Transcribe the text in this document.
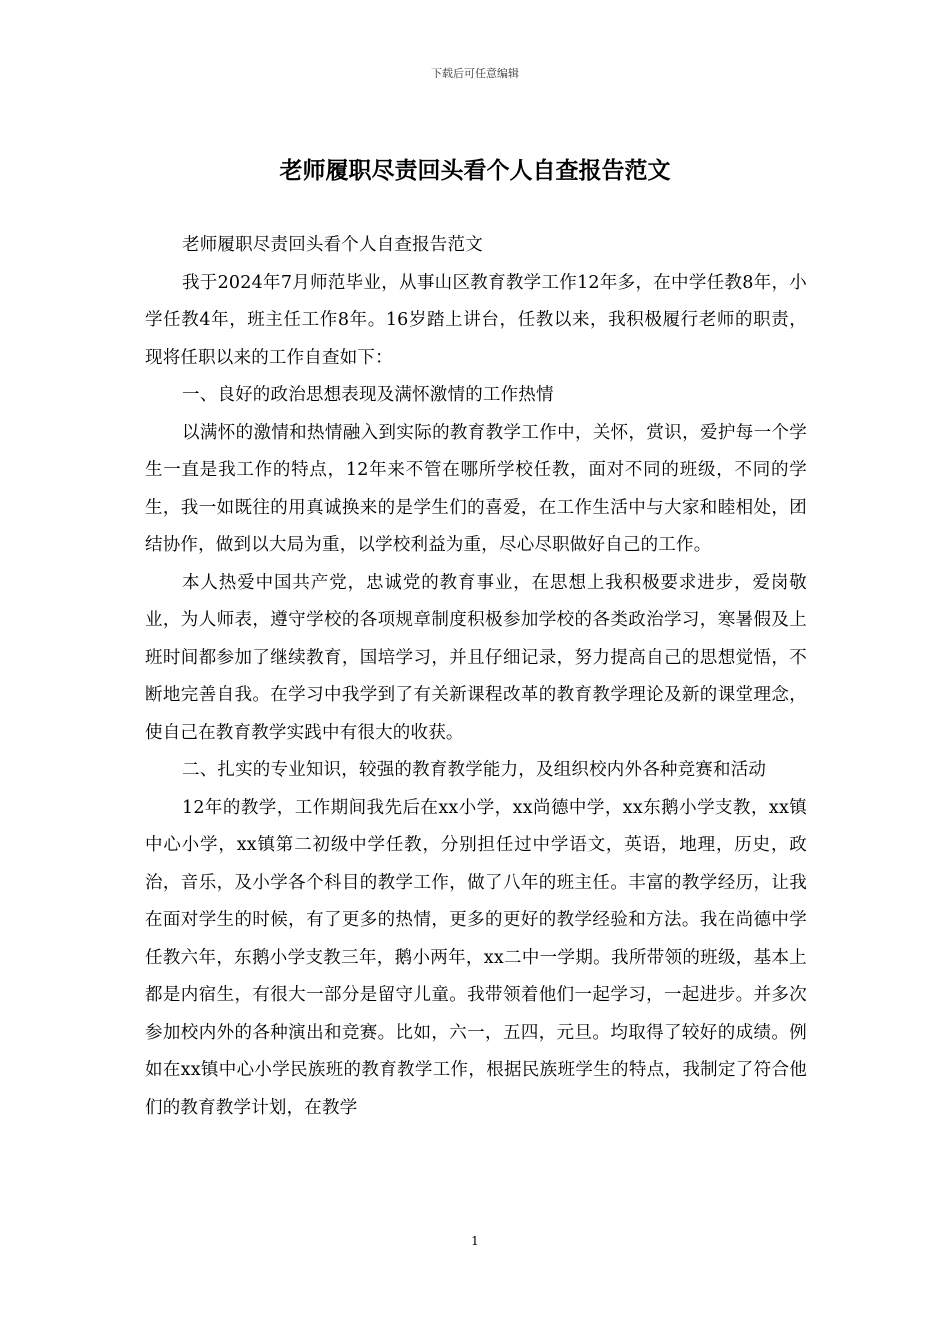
下载后可任意编辑
老师履职尽责回头看个人自查报告范文

老师履职尽责回头看个人自查报告范文

我于2024年7月师范毕业，从事山区教育教学工作12年多，在中学任教8年，小学任教4年，班主任工作8年。16岁踏上讲台，任教以来，我积极履行老师的职责，现将任职以来的工作自查如下：

一、良好的政治思想表现及满怀激情的工作热情

以满怀的激情和热情融入到实际的教育教学工作中，关怀，赏识，爱护每一个学生一直是我工作的特点，12年来不管在哪所学校任教，面对不同的班级，不同的学生，我一如既往的用真诚换来的是学生们的喜爱，在工作生活中与大家和睦相处，团结协作，做到以大局为重，以学校利益为重，尽心尽职做好自己的工作。

本人热爱中国共产党，忠诚党的教育事业，在思想上我积极要求进步，爱岗敬业，为人师表，遵守学校的各项规章制度积极参加学校的各类政治学习，寒暑假及上班时间都参加了继续教育，国培学习，并且仔细记录，努力提高自己的思想觉悟，不断地完善自我。在学习中我学到了有关新课程改革的教育教学理论及新的课堂理念，使自己在教育教学实践中有很大的收获。

二、扎实的专业知识，较强的教育教学能力，及组织校内外各种竞赛和活动

12年的教学，工作期间我先后在xx小学，xx尚德中学，xx东鹅小学支教，xx镇中心小学，xx镇第二初级中学任教，分别担任过中学语文，英语，地理，历史，政治，音乐，及小学各个科目的教学工作，做了八年的班主任。丰富的教学经历，让我在面对学生的时候，有了更多的热情，更多的更好的教学经验和方法。我在尚德中学任教六年，东鹅小学支教三年，鹅小两年，xx二中一学期。我所带领的班级，基本上都是内宿生，有很大一部分是留守儿童。我带领着他们一起学习，一起进步。并多次参加校内外的各种演出和竞赛。比如，六一，五四，元旦。均取得了较好的成绩。例如在xx镇中心小学民族班的教育教学工作，根据民族班学生的特点，我制定了符合他们的教育教学计划，在教学

1
